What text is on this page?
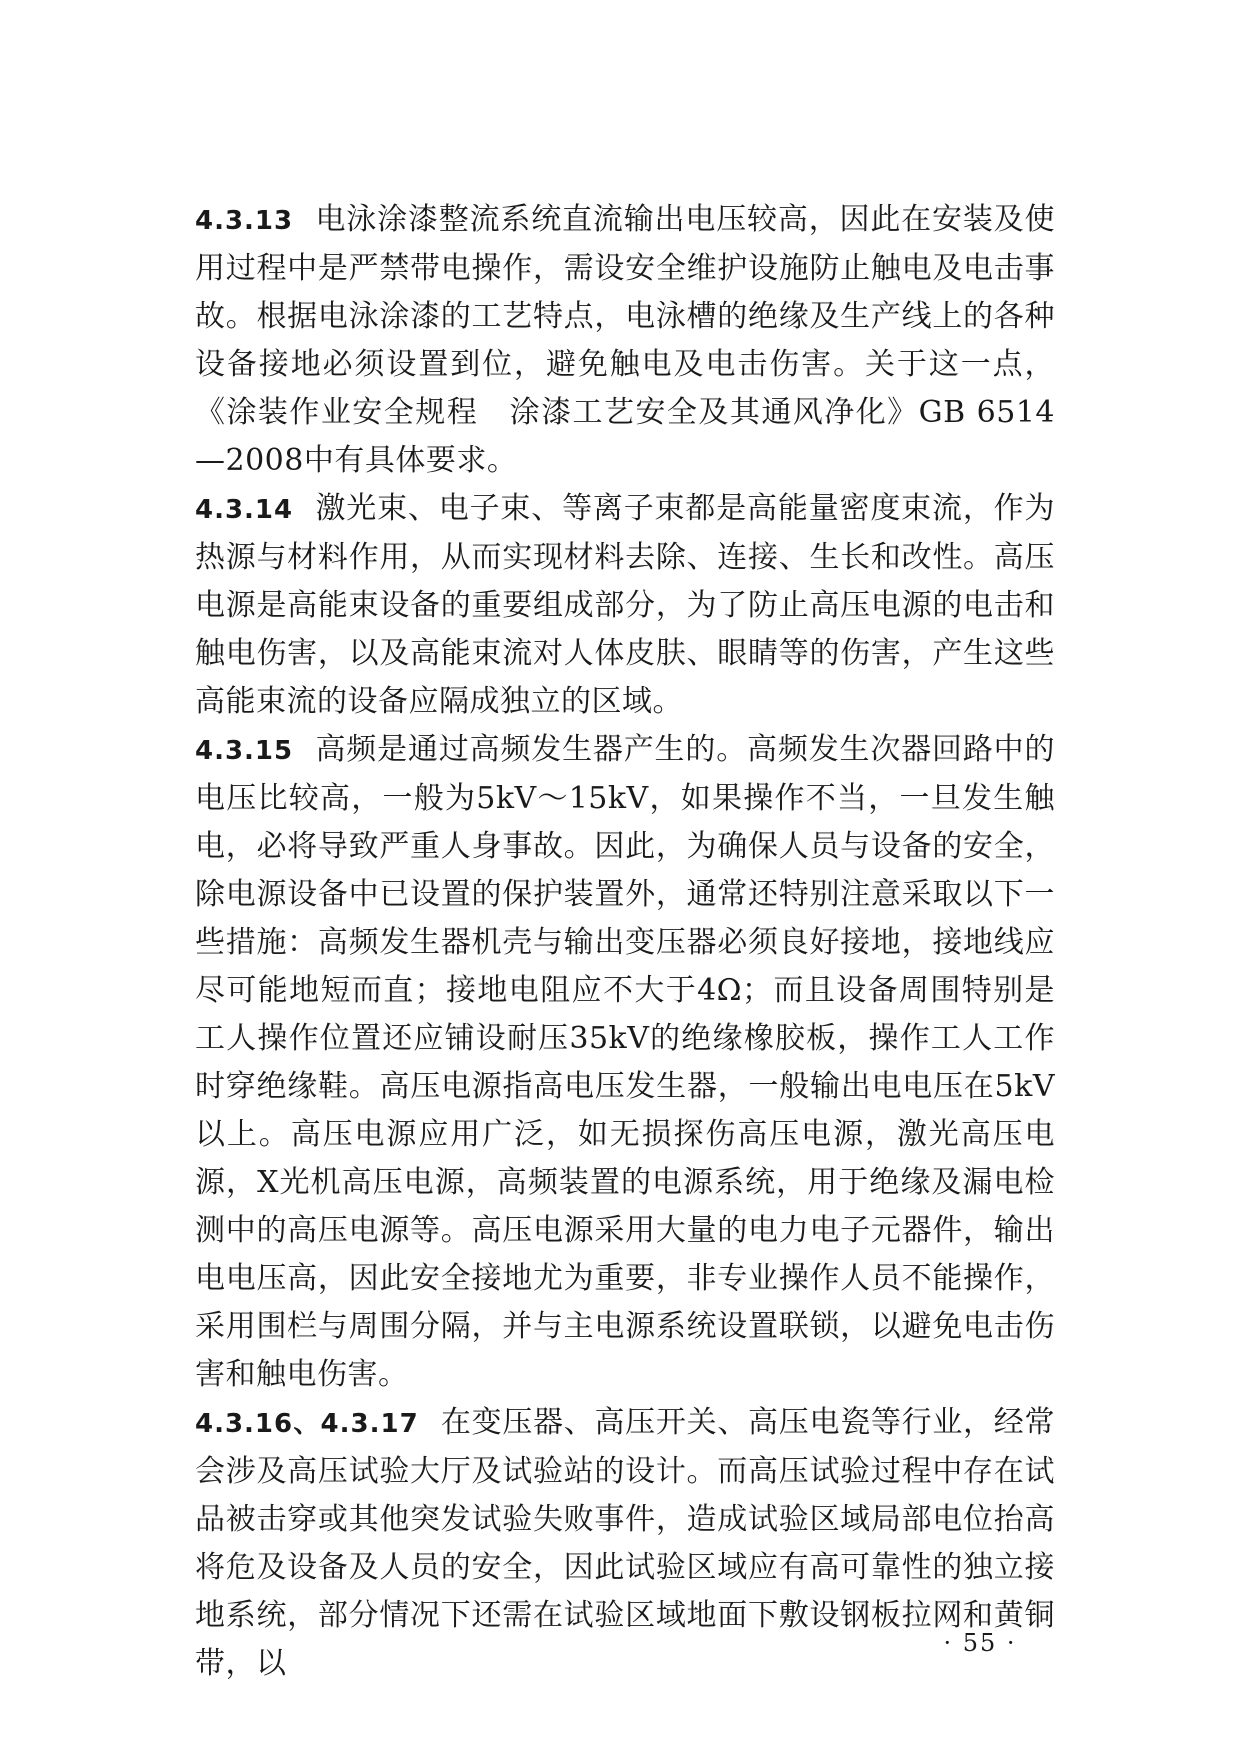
4.3.13 电泳涂漆整流系统直流输出电压较高，因此在安装及使用过程中是严禁带电操作，需设安全维护设施防止触电及电击事故。根据电泳涂漆的工艺特点，电泳槽的绝缘及生产线上的各种设备接地必须设置到位，避免触电及电击伤害。关于这一点，《涂装作业安全规程　涂漆工艺安全及其通风净化》GB 6514—2008中有具体要求。

4.3.14 激光束、电子束、等离子束都是高能量密度束流，作为热源与材料作用，从而实现材料去除、连接、生长和改性。高压电源是高能束设备的重要组成部分，为了防止高压电源的电击和触电伤害，以及高能束流对人体皮肤、眼睛等的伤害，产生这些高能束流的设备应隔成独立的区域。

4.3.15 高频是通过高频发生器产生的。高频发生次器回路中的电压比较高，一般为5kV～15kV，如果操作不当，一旦发生触电，必将导致严重人身事故。因此，为确保人员与设备的安全，除电源设备中已设置的保护装置外，通常还特别注意采取以下一些措施：高频发生器机壳与输出变压器必须良好接地，接地线应尽可能地短而直；接地电阻应不大于4Ω；而且设备周围特别是工人操作位置还应铺设耐压35kV的绝缘橡胶板，操作工人工作时穿绝缘鞋。高压电源指高电压发生器，一般输出电电压在5kV以上。高压电源应用广泛，如无损探伤高压电源，激光高压电源，X光机高压电源，高频装置的电源系统，用于绝缘及漏电检测中的高压电源等。高压电源采用大量的电力电子元器件，输出电电压高，因此安全接地尤为重要，非专业操作人员不能操作，采用围栏与周围分隔，并与主电源系统设置联锁，以避免电击伤害和触电伤害。

4.3.16、4.3.17 在变压器、高压开关、高压电瓷等行业，经常会涉及高压试验大厅及试验站的设计。而高压试验过程中存在试品被击穿或其他突发试验失败事件，造成试验区域局部电位抬高将危及设备及人员的安全，因此试验区域应有高可靠性的独立接地系统，部分情况下还需在试验区域地面下敷设钢板拉网和黄铜带，以

· 55 ·
